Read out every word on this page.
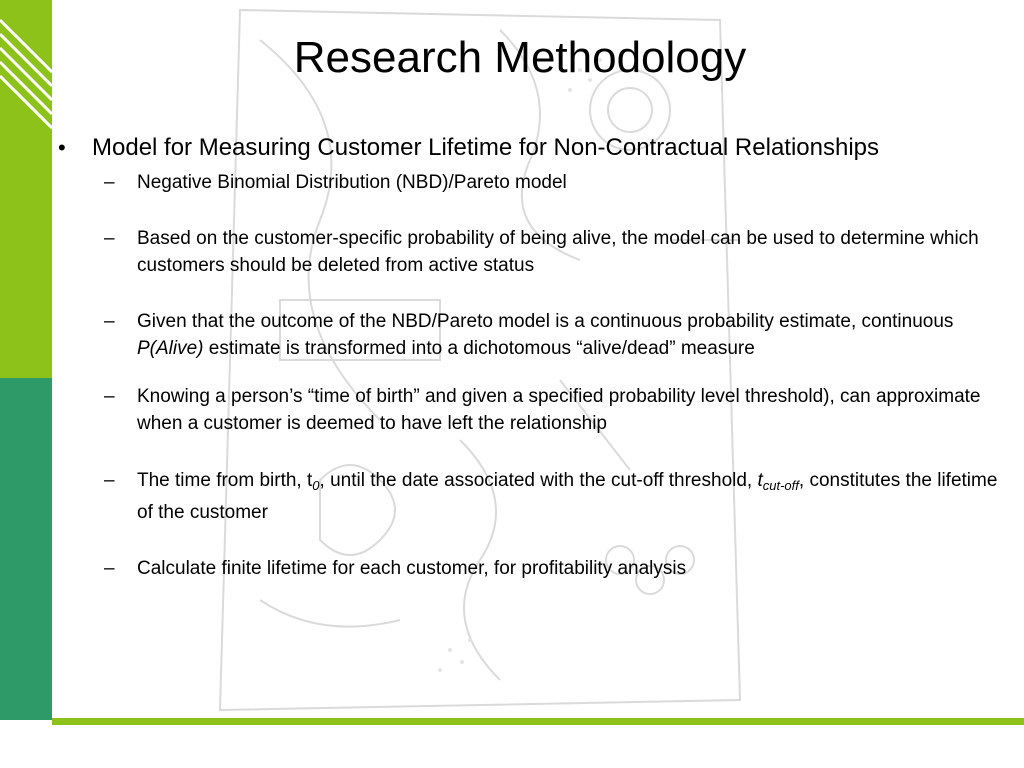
Research Methodology
• Model for Measuring Customer Lifetime for Non-Contractual Relationships
– Negative Binomial Distribution (NBD)/Pareto model
– Based on the customer-specific probability of being alive, the model can be used to determine which customers should be deleted from active status
– Given that the outcome of the NBD/Pareto model is a continuous probability estimate, continuous P(Alive) estimate is transformed into a dichotomous “alive/dead” measure
– Knowing a person’s “time of birth” and given a specified probability level threshold), can approximate when a customer is deemed to have left the relationship
– The time from birth, $t_0$, until the date associated with the cut-off threshold, $t_{cut-off}$, constitutes the lifetime of the customer
– Calculate finite lifetime for each customer, for profitability analysis
